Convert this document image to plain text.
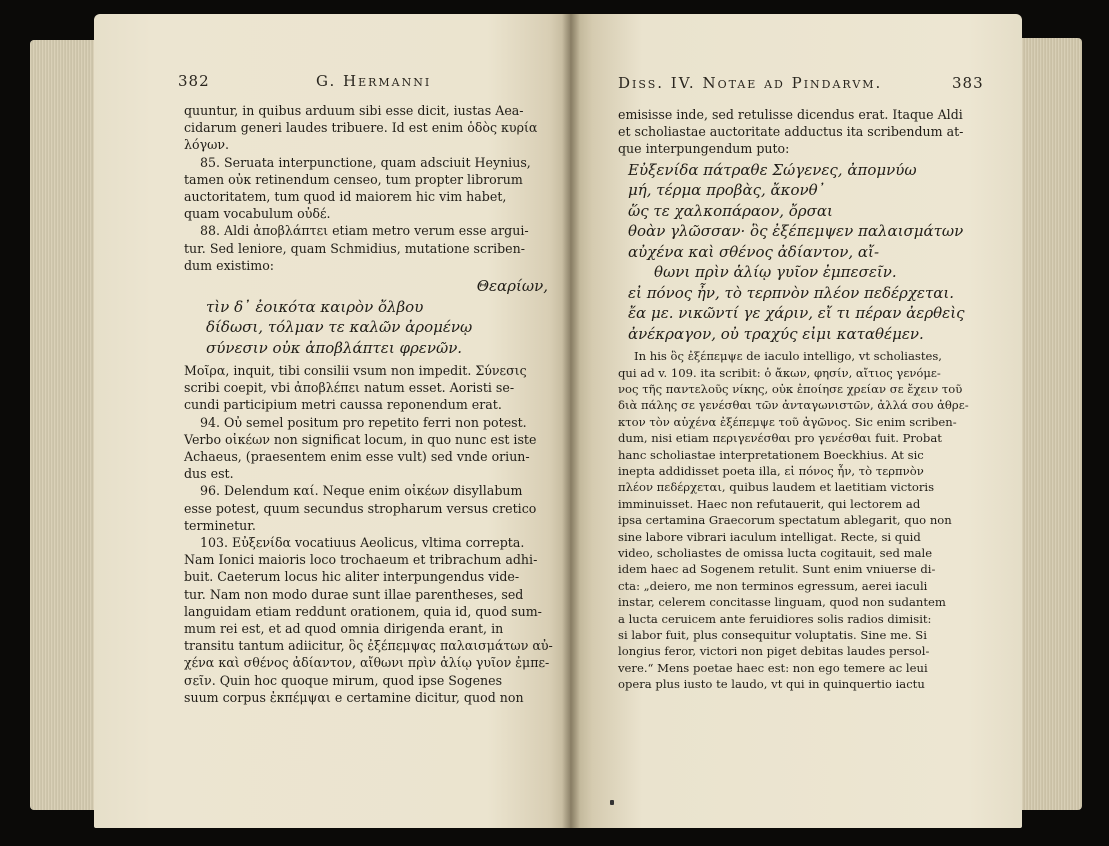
382	G. Hermanni
quuntur, in quibus arduum sibi esse dicit, iustas Aea-
cidarum generi laudes tribuere. Id est enim ὁδὸς κυρία
λόγων.
85. Seruata interpunctione, quam adsciuit Heynius,
tamen οὐκ retinendum censeo, tum propter librorum
auctoritatem, tum quod id maiorem hic vim habet,
quam vocabulum οὐδέ.
88. Aldi ἀποβλάπτει etiam metro verum esse argui-
tur. Sed leniore, quam Schmidius, mutatione scriben-
dum existimo:
Θεαρίων,
τὶν δ᾽ ἐοικότα καιρὸν ὄλβου
δίδωσι, τόλμαν τε καλῶν ἀρομένῳ
σύνεσιν οὐκ ἀποβλάπτει φρενῶν.
Μοῖρα, inquit, tibi consilii vsum non impedit. Σύνεσις
scribi coepit, vbi ἀποβλέπει natum esset. Aoristi se-
cundi participium metri caussa reponendum erat.
94. Οὐ semel positum pro repetito ferri non potest.
Verbo οἰκέων non significat locum, in quo nunc est iste
Achaeus, (praesentem enim esse vult) sed vnde oriun-
dus est.
96. Delendum καί. Neque enim οἰκέων disyllabum
esse potest, quum secundus stropharum versus cretico
terminetur.
103. Εὐξενίδα vocatiuus Aeolicus, vltima correpta.
Nam Ionici maioris loco trochaeum et tribrachum adhi-
buit. Caeterum locus hic aliter interpungendus vide-
tur. Nam non modo durae sunt illae parentheses, sed
languidam etiam reddunt orationem, quia id, quod sum-
mum rei est, et ad quod omnia dirigenda erant, in
transitu tantum adiicitur, ὃς ἐξέπεμψας παλαισμάτων αὐ-
χένα καὶ σθένος ἀδίαντον, αἴθωνι πρὶν ἁλίῳ γυῖον ἐμπε-
σεῖν. Quin hoc quoque mirum, quod ipse Sogenes
suum corpus ἐκπέμψαι e certamine dicitur, quod non
Diss. IV. Notae ad Pindarvm.	383
emisisse inde, sed retulisse dicendus erat. Itaque Aldi
et scholiastae auctoritate adductus ita scribendum at-
que interpungendum puto:
Εὐξενίδα πάτραθε Σώγενες, ἀπομνύω
μή, τέρμα προβὰς, ἄκονθ᾽
ὥς τε χαλκοπάραον, ὄρσαι
θοὰν γλῶσσαν· ὃς ἐξέπεμψεν παλαισμάτων
αὐχένα καὶ σθένος ἀδίαντον, αἴ-
θωνι πρὶν ἁλίῳ γυῖον ἐμπεσεῖν.
εἰ πόνος ἦν, τὸ τερπνὸν πλέον πεδέρχεται.
ἔα με. νικῶντί γε χάριν, εἴ τι πέραν ἀερθεὶς
ἀνέκραγον, οὐ τραχύς εἰμι καταθέμεν.
In his ὃς ἐξέπεμψε de iaculo intelligo, vt scholiastes,
qui ad v. 109. ita scribit: ὁ ἄκων, φησίν, αἴτιος γενόμε-
νος τῆς παντελοῦς νίκης, οὐκ ἐποίησε χρείαν σε ἔχειν τοῦ
διὰ πάλης σε γενέσθαι τῶν ἀνταγωνιστῶν, ἀλλά σου ἀθρε-
κτον τὸν αὐχένα ἐξέπεμψε τοῦ ἀγῶνος. Sic enim scriben-
dum, nisi etiam περιγενέσθαι pro γενέσθαι fuit. Probat
hanc scholiastae interpretationem Boeckhius. At sic
inepta addidisset poeta illa, εἰ πόνος ἦν, τὸ τερπνὸν
πλέον πεδέρχεται, quibus laudem et laetitiam victoris
imminuisset. Haec non refutauerit, qui lectorem ad
ipsa certamina Graecorum spectatum ablegarit, quo non
sine labore vibrari iaculum intelligat. Recte, si quid
video, scholiastes de omissa lucta cogitauit, sed male
idem haec ad Sogenem retulit. Sunt enim vniuerse di-
cta: „deiero, me non terminos egressum, aerei iaculi
instar, celerem concitasse linguam, quod non sudantem
a lucta ceruicem ante feruidiores solis radios dimisit:
si labor fuit, plus consequitur voluptatis. Sine me. Si
longius feror, victori non piget debitas laudes persol-
vere.“ Mens poetae haec est: non ego temere ac leui
opera plus iusto te laudo, vt qui in quinquertio iactu
